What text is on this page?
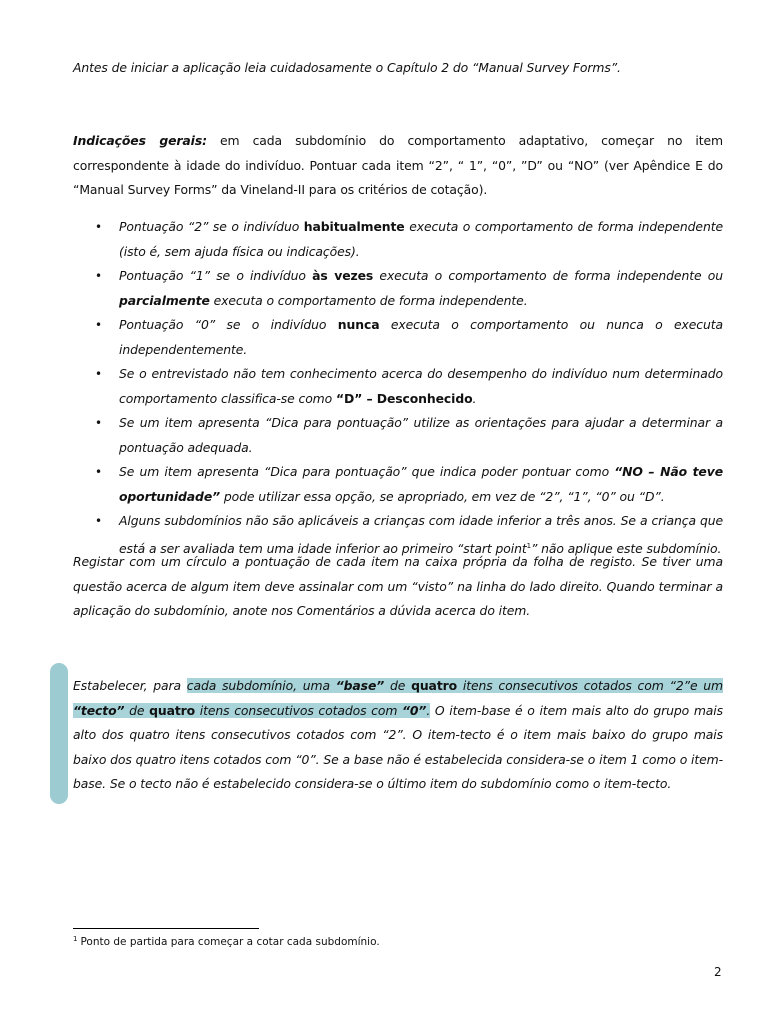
Antes de iniciar a aplicação leia cuidadosamente o Capítulo 2 do “Manual Survey Forms”.

Indicações gerais: em cada subdomínio do comportamento adaptativo, começar no item correspondente à idade do indivíduo. Pontuar cada item “2”, “ 1”, “0”, ”D” ou “NO” (ver Apêndice E do “Manual Survey Forms” da Vineland-II para os critérios de cotação).

• Pontuação “2” se o indivíduo habitualmente executa o comportamento de forma independente (isto é, sem ajuda física ou indicações).
• Pontuação “1” se o indivíduo às vezes executa o comportamento de forma independente ou parcialmente executa o comportamento de forma independente.
• Pontuação “0” se o indivíduo nunca executa o comportamento ou nunca o executa independentemente.
• Se o entrevistado não tem conhecimento acerca do desempenho do indivíduo num determinado comportamento classifica-se como “D” – Desconhecido.
• Se um item apresenta “Dica para pontuação” utilize as orientações para ajudar a determinar a pontuação adequada.
• Se um item apresenta “Dica para pontuação” que indica poder pontuar como “NO – Não teve oportunidade” pode utilizar essa opção, se apropriado, em vez de “2”, “1”, “0” ou “D”.
• Alguns subdomínios não são aplicáveis a crianças com idade inferior a três anos. Se a criança que está a ser avaliada tem uma idade inferior ao primeiro “start point$^1$” não aplique este subdomínio.

Registar com um círculo a pontuação de cada item na caixa própria da folha de registo. Se tiver uma questão acerca de algum item deve assinalar com um “visto” na linha do lado direito. Quando terminar a aplicação do subdomínio, anote nos Comentários a dúvida acerca do item.

Estabelecer, para cada subdomínio, uma “base” de quatro itens consecutivos cotados com “2”e um “tecto” de quatro itens consecutivos cotados com “0”. O item-base é o item mais alto do grupo mais alto dos quatro itens consecutivos cotados com “2”. O item-tecto é o item mais baixo do grupo mais baixo dos quatro itens cotados com “0”. Se a base não é estabelecida considera-se o item 1 como o item-base. Se o tecto não é estabelecido considera-se o último item do subdomínio como o item-tecto.

$^1$ Ponto de partida para começar a cotar cada subdomínio.
2
